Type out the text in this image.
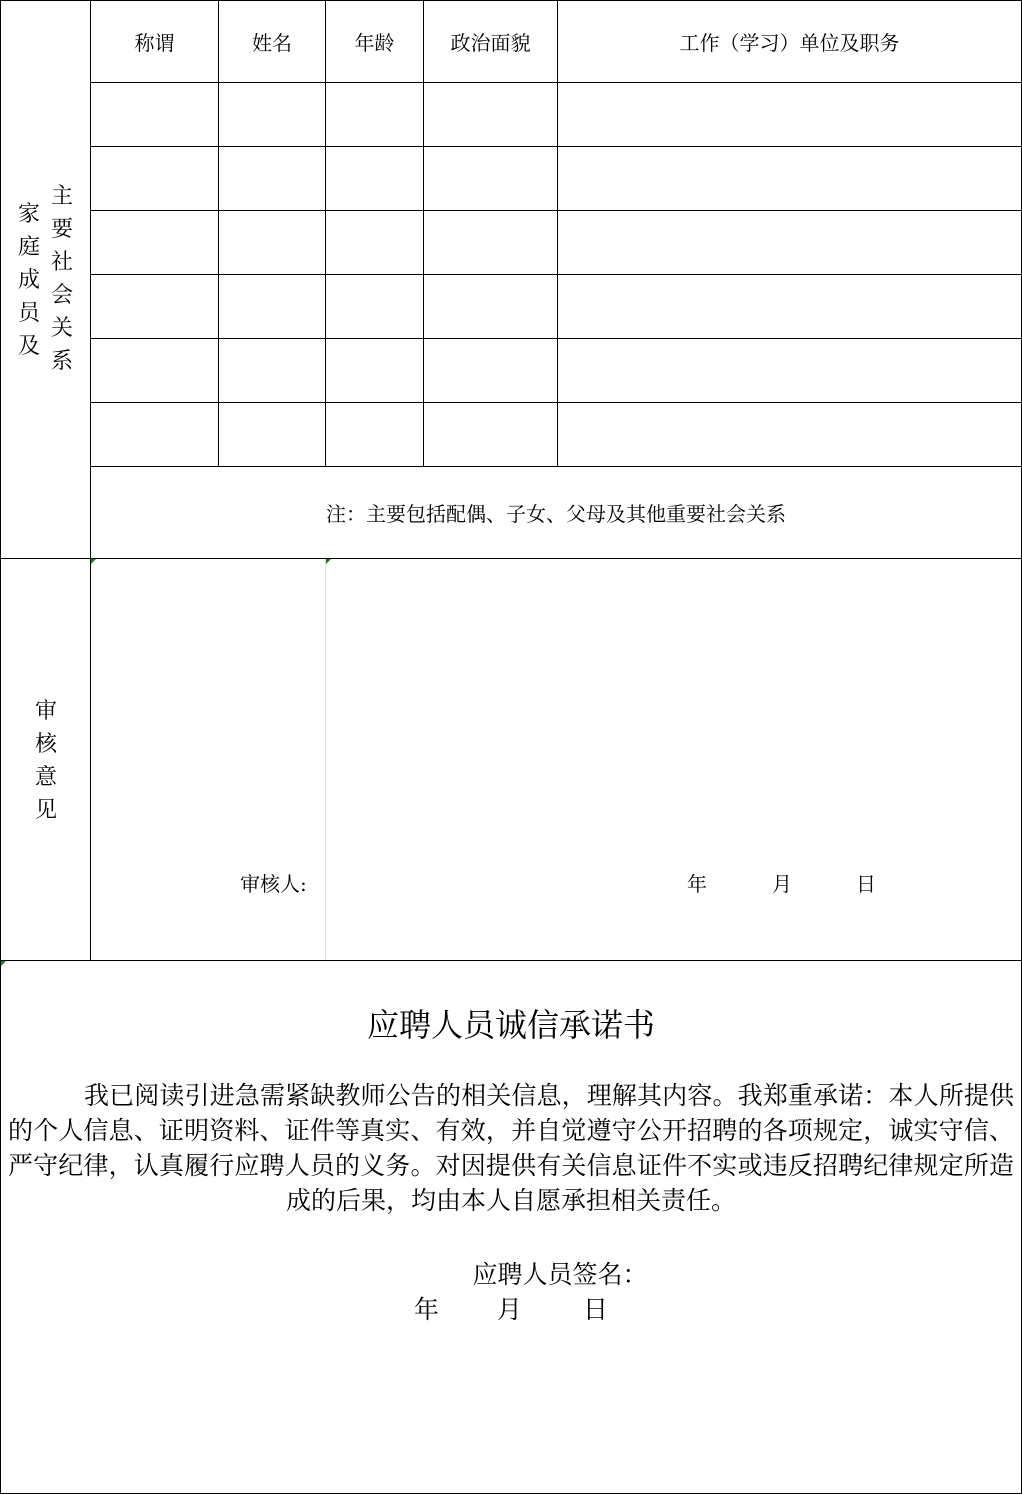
家庭成员及
主要社会关系
审核意见
称谓	姓名	年龄	政治面貌	工作（学习）单位及职务
注：主要包括配偶、子女、父母及其他重要社会关系
审核人:	年	月	日
应聘人员诚信承诺书
我已阅读引进急需紧缺教师公告的相关信息，理解其内容。我郑重承诺：本人所提供的个人信息、证明资料、证件等真实、有效，并自觉遵守公开招聘的各项规定，诚实守信、严守纪律，认真履行应聘人员的义务。对因提供有关信息证件不实或违反招聘纪律规定所造成的后果，均由本人自愿承担相关责任。
应聘人员签名：
年 月 日
